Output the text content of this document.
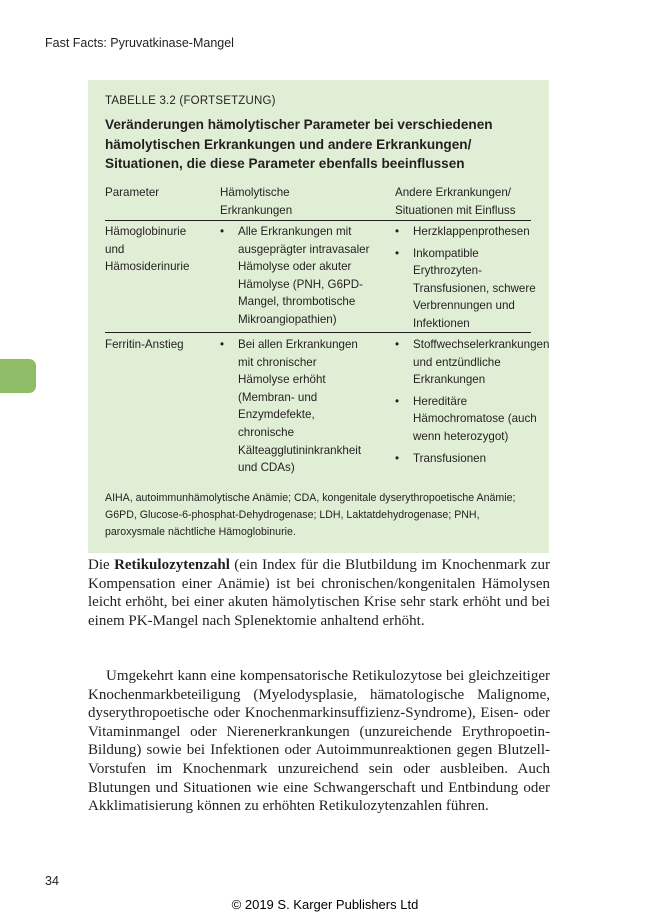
Fast Facts: Pyruvatkinase-Mangel
TABELLE 3.2 (FORTSETZUNG)
Veränderungen hämolytischer Parameter bei verschiedenen hämolytischen Erkrankungen und andere Erkrankungen/ Situationen, die diese Parameter ebenfalls beeinflussen
Parameter	Hämolytische Erkrankungen
Andere Erkrankungen/ Situationen mit Einfluss
Hämoglobinurie und Hämosiderinurie
• Alle Erkrankungen mit ausgeprägter intravasaler Hämolyse oder akuter Hämolyse (PNH, G6PD-Mangel, thrombotische Mikroangiopathien)
• Herzklappenprothesen
• Inkompatible Erythrozyten-Transfusionen, schwere Verbrennungen und Infektionen
Ferritin-Anstieg	• Bei allen Erkrankungen mit chronischer Hämolyse erhöht (Membran- und Enzymdefekte, chronische Kälteagglutininkrankheit und CDAs)
• Stoffwechselerkrankungen und entzündliche Erkrankungen
• Hereditäre Hämochromatose (auch wenn heterozygot)
• Transfusionen
AIHA, autoimmunhämolytische Anämie; CDA, kongenitale dyserythropoetische Anämie; G6PD, Glucose-6-phosphat-Dehydrogenase; LDH, Laktatdehydrogenase; PNH, paroxysmale nächtliche Hämoglobinurie.

Die Retikulozytenzahl (ein Index für die Blutbildung im Knochenmark zur Kompensation einer Anämie) ist bei chronischen/kongenitalen Hämolysen leicht erhöht, bei einer akuten hämolytischen Krise sehr stark erhöht und bei einem PK-Mangel nach Splenektomie anhaltend erhöht.

Umgekehrt kann eine kompensatorische Retikulozytose bei gleichzeitiger Knochenmarkbeteiligung (Myelodysplasie, hämatologische Malignome, dyserythropoetische oder Knochenmarkinsuffizienz-Syndrome), Eisen- oder Vitaminmangel oder Nierenerkrankungen (unzureichende Erythropoetin-Bildung) sowie bei Infektionen oder Autoimmunreaktionen gegen Blutzell-Vorstufen im Knochenmark unzureichend sein oder ausbleiben. Auch Blutungen und Situationen wie eine Schwangerschaft und Entbindung oder Akklimatisierung können zu erhöhten Retikulozytenzahlen führen.

34
© 2019 S. Karger Publishers Ltd
